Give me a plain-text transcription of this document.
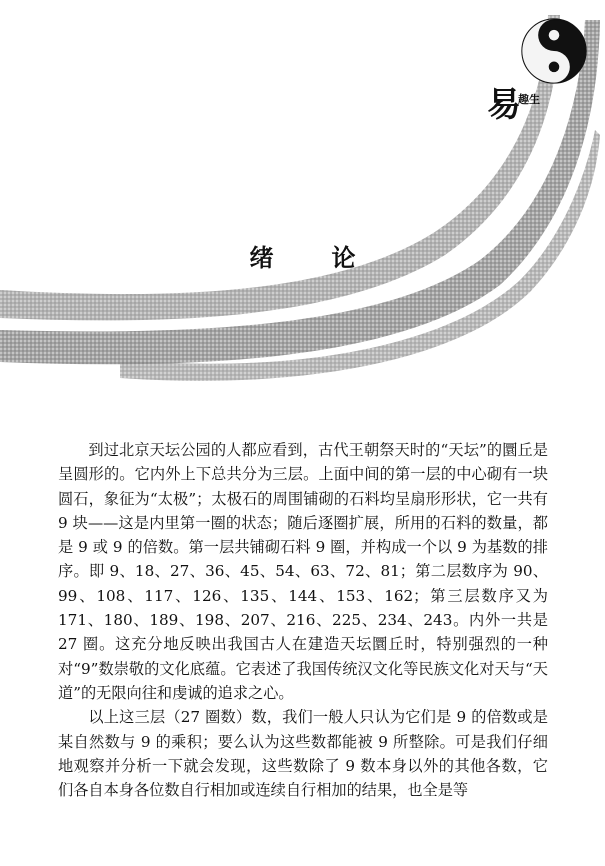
易
趣生
绪论

到过北京天坛公园的人都应看到，古代王朝祭天时的“天坛”的圜丘是呈圆形的。它内外上下总共分为三层。上面中间的第一层的中心砌有一块圆石，象征为“太极”；太极石的周围铺砌的石料均呈扇形形状，它一共有 9 块——这是内里第一圈的状态；随后逐圈扩展，所用的石料的数量，都是 9 或 9 的倍数。第一层共铺砌石料 9 圈，并构成一个以 9 为基数的排序。即 9、18、27、36、45、54、63、72、81；第二层数序为 90、99、108、117、126、135、144、153、162；第三层数序又为 171、180、189、198、207、216、225、234、243。内外一共是 27 圈。这充分地反映出我国古人在建造天坛圜丘时，特别强烈的一种对“9”数崇敬的文化底蕴。它表述了我国传统汉文化等民族文化对天与“天道”的无限向往和虔诚的追求之心。

以上这三层（27 圈数）数，我们一般人只认为它们是 9 的倍数或是某自然数与 9 的乘积；要么认为这些数都能被 9 所整除。可是我们仔细地观察并分析一下就会发现，这些数除了 9 数本身以外的其他各数，它们各自本身各位数自行相加或连续自行相加的结果，也全是等
